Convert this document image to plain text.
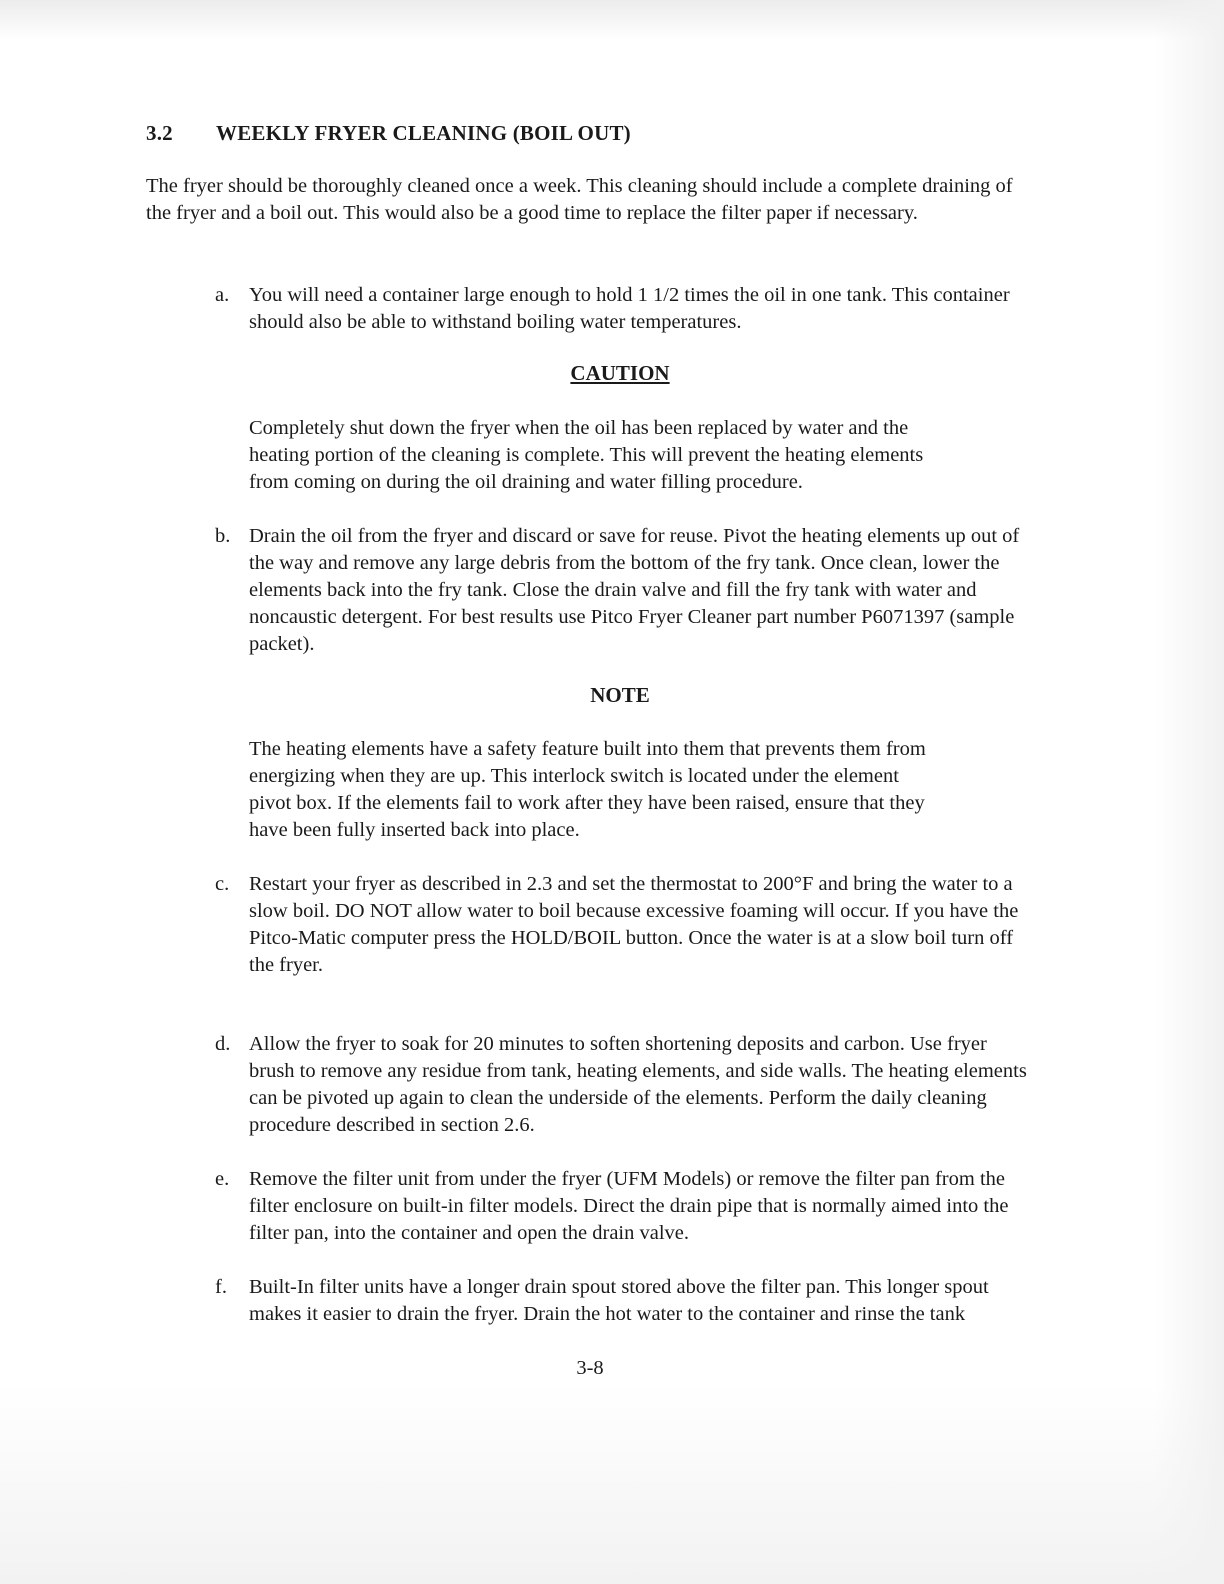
3.2 WEEKLY FRYER CLEANING (BOIL OUT)

The fryer should be thoroughly cleaned once a week. This cleaning should include a complete draining of the fryer and a boil out. This would also be a good time to replace the filter paper if necessary.

a. You will need a container large enough to hold 1 1/2 times the oil in one tank. This container should also be able to withstand boiling water temperatures.

CAUTION

Completely shut down the fryer when the oil has been replaced by water and the heating portion of the cleaning is complete. This will prevent the heating elements from coming on during the oil draining and water filling procedure.

b. Drain the oil from the fryer and discard or save for reuse. Pivot the heating elements up out of the way and remove any large debris from the bottom of the fry tank. Once clean, lower the elements back into the fry tank. Close the drain valve and fill the fry tank with water and noncaustic detergent. For best results use Pitco Fryer Cleaner part number P6071397 (sample packet).

NOTE

The heating elements have a safety feature built into them that prevents them from energizing when they are up. This interlock switch is located under the element pivot box. If the elements fail to work after they have been raised, ensure that they have been fully inserted back into place.

c. Restart your fryer as described in 2.3 and set the thermostat to 200°F and bring the water to a slow boil. DO NOT allow water to boil because excessive foaming will occur. If you have the Pitco-Matic computer press the HOLD/BOIL button. Once the water is at a slow boil turn off the fryer.

d. Allow the fryer to soak for 20 minutes to soften shortening deposits and carbon. Use fryer brush to remove any residue from tank, heating elements, and side walls. The heating elements can be pivoted up again to clean the underside of the elements. Perform the daily cleaning procedure described in section 2.6.

e. Remove the filter unit from under the fryer (UFM Models) or remove the filter pan from the filter enclosure on built-in filter models. Direct the drain pipe that is normally aimed into the filter pan, into the container and open the drain valve.

f.	Built-In filter units have a longer drain spout stored above the filter pan. This longer spout makes it easier to drain the fryer. Drain the hot water to the container and rinse the tank

3-8
